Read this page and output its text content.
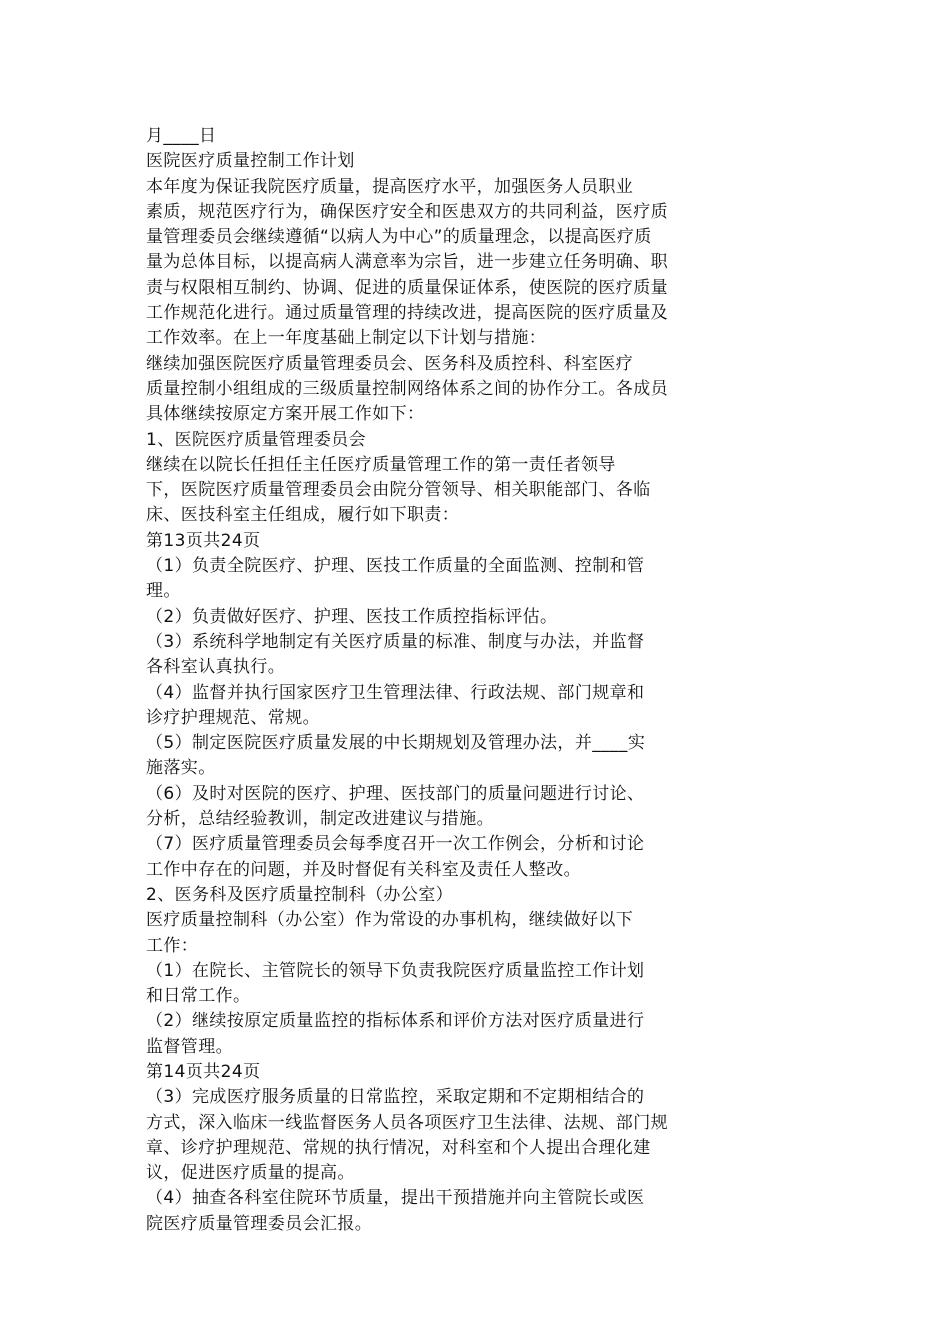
月____日
医院医疗质量控制工作计划
本年度为保证我院医疗质量，提高医疗水平，加强医务人员职业
素质，规范医疗行为，确保医疗安全和医患双方的共同利益，医疗质
量管理委员会继续遵循“以病人为中心”的质量理念，以提高医疗质
量为总体目标，以提高病人满意率为宗旨，进一步建立任务明确、职
责与权限相互制约、协调、促进的质量保证体系，使医院的医疗质量
工作规范化进行。通过质量管理的持续改进，提高医院的医疗质量及
工作效率。在上一年度基础上制定以下计划与措施：
继续加强医院医疗质量管理委员会、医务科及质控科、科室医疗
质量控制小组组成的三级质量控制网络体系之间的协作分工。各成员
具体继续按原定方案开展工作如下：
1、医院医疗质量管理委员会
继续在以院长任担任主任医疗质量管理工作的第一责任者领导
下，医院医疗质量管理委员会由院分管领导、相关职能部门、各临
床、医技科室主任组成，履行如下职责：
第13页共24页
（1）负责全院医疗、护理、医技工作质量的全面监测、控制和管
理。
（2）负责做好医疗、护理、医技工作质控指标评估。
（3）系统科学地制定有关医疗质量的标准、制度与办法，并监督
各科室认真执行。
（4）监督并执行国家医疗卫生管理法律、行政法规、部门规章和
诊疗护理规范、常规。
（5）制定医院医疗质量发展的中长期规划及管理办法，并____实
施落实。
（6）及时对医院的医疗、护理、医技部门的质量问题进行讨论、
分析，总结经验教训，制定改进建议与措施。
（7）医疗质量管理委员会每季度召开一次工作例会，分析和讨论
工作中存在的问题，并及时督促有关科室及责任人整改。
2、医务科及医疗质量控制科（办公室）
医疗质量控制科（办公室）作为常设的办事机构，继续做好以下
工作：
（1）在院长、主管院长的领导下负责我院医疗质量监控工作计划
和日常工作。
（2）继续按原定质量监控的指标体系和评价方法对医疗质量进行
监督管理。
第14页共24页
（3）完成医疗服务质量的日常监控，采取定期和不定期相结合的
方式，深入临床一线监督医务人员各项医疗卫生法律、法规、部门规
章、诊疗护理规范、常规的执行情况，对科室和个人提出合理化建
议，促进医疗质量的提高。
（4）抽查各科室住院环节质量，提出干预措施并向主管院长或医
院医疗质量管理委员会汇报。
